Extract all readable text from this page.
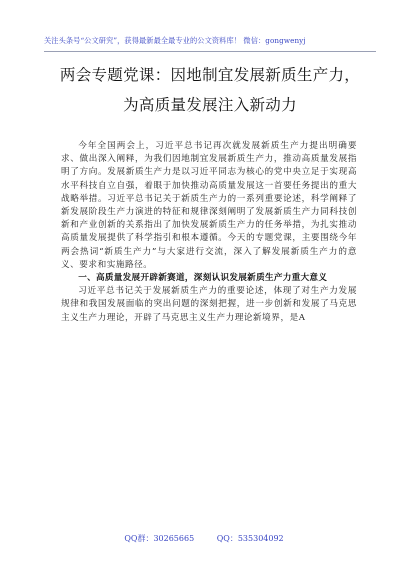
关注头条号“公文研究”，获得最新最全最专业的公文资料库！ 微信：gongwenyj
两会专题党课：因地制宜发展新质生产力，
为高质量发展注入新动力

今年全国两会上，习近平总书记再次就发展新质生产力提出明确要求、做出深入阐释，为我们因地制宜发展新质生产力，推动高质量发展指明了方向。发展新质生产力是以习近平同志为核心的党中央立足于实现高水平科技自立自强，着眼于加快推动高质量发展这一首要任务提出的重大战略举措。习近平总书记关于新质生产力的一系列重要论述，科学阐释了新发展阶段生产力演进的特征和规律深刻阐明了发展新质生产力同科技创新和产业创新的关系指出了加快发展新质生产力的任务举措，为扎实推动高质量发展提供了科学指引和根本遵循。今天的专题党课，主要围绕今年两会热词“新质生产力”与大家进行交流，深入了解发展新质生产力的意义、要求和实施路径。

一、高质量发展开辟新赛道，深刻认识发展新质生产力重大意义

习近平总书记关于发展新质生产力的重要论述，体现了对生产力发展规律和我国发展面临的突出问题的深刻把握，进一步创新和发展了马克思主义生产力理论，开辟了马克思主义生产力理论新境界，是A

QQ群：30265665	QQ：535304092
